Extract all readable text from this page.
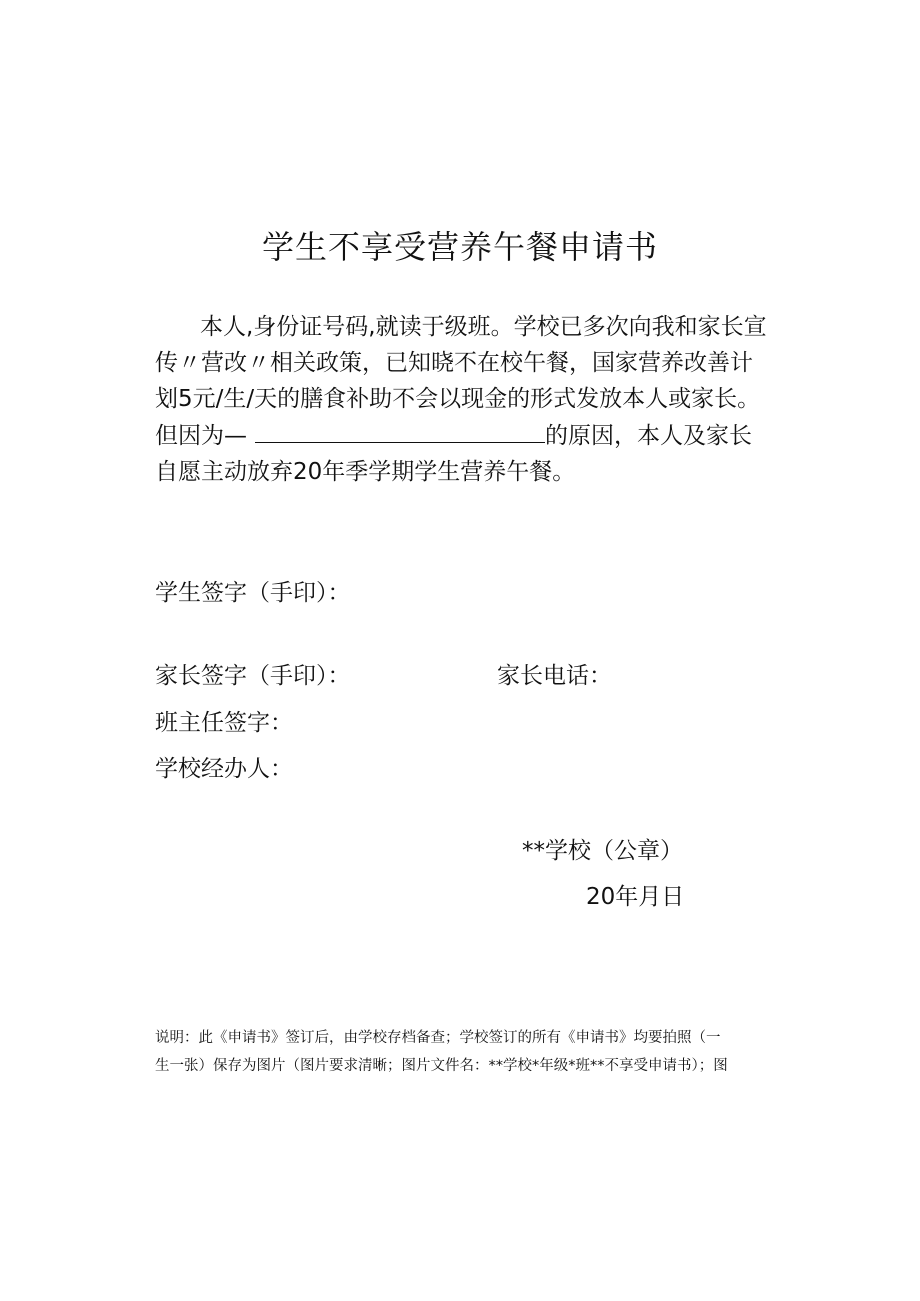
学生不享受营养午餐申请书
本人,身份证号码,就读于级班。学校已多次向我和家长宣
传〃营改〃相关政策，已知晓不在校午餐，国家营养改善计
划5元/生/天的膳食补助不会以现金的形式发放本人或家长。
但因为—	的原因，本人及家长
自愿主动放弃20年季学期学生营养午餐。
学生签字（手印）：
家长签字（手印）：	家长电话：
班主任签字：
学校经办人：
**学校（公章）
20年月日
说明：此《申请书》签订后，由学校存档备查；学校签订的所有《申请书》均要拍照（一
生一张）保存为图片（图片要求清晰；图片文件名：**学校*年级*班**不享受申请书）；图
